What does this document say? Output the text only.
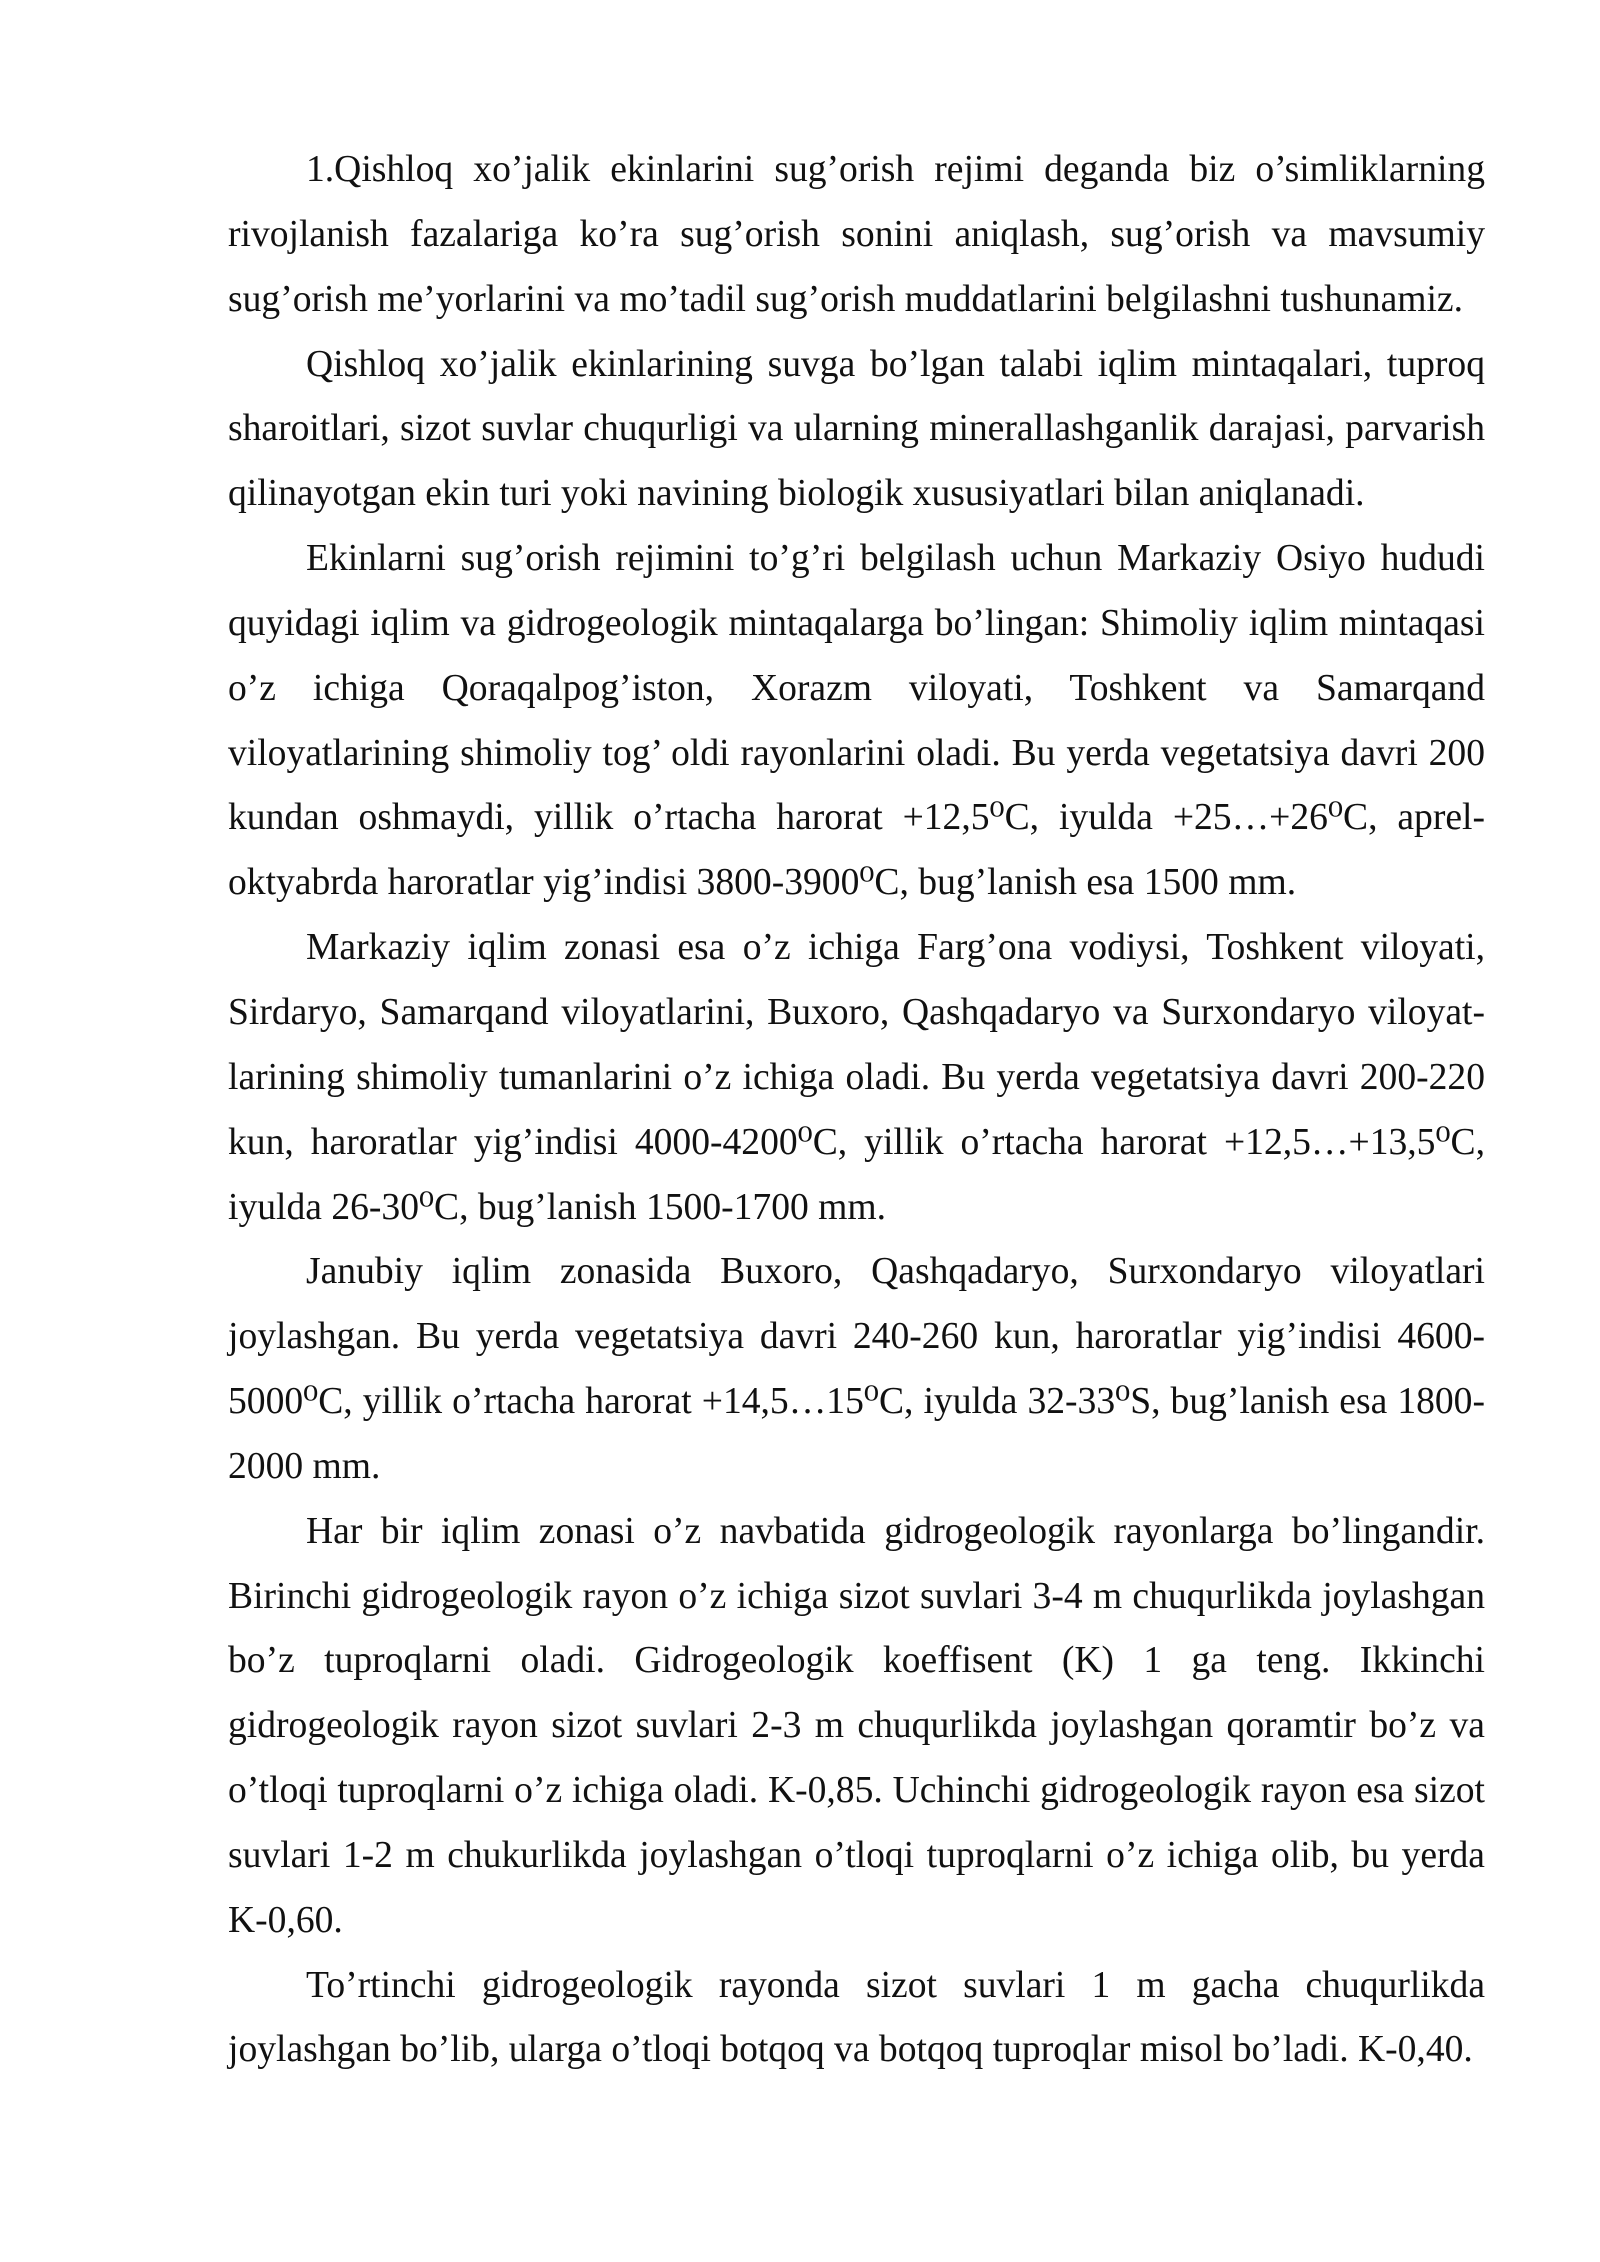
1.Qishloq xo’jalik ekinlarini sug’orish rejimi deganda biz o’simliklarning
rivojlanish fazalariga ko’ra sug’orish sonini aniqlash, sug’orish va mavsumiy
sug’orish me’yorlarini va mo’tadil sug’orish muddatlarini belgilashni tushunamiz.
Qishloq xo’jalik ekinlarining suvga bo’lgan talabi iqlim mintaqalari, tuproq
sharoitlari, sizot suvlar chuqurligi va ularning minerallashganlik darajasi, parvarish
qilinayotgan ekin turi yoki navining biologik xususiyatlari bilan aniqlanadi.
Ekinlarni sug’orish rejimini to’g’ri belgilash uchun Markaziy Osiyo hududi
quyidagi iqlim va gidrogeologik mintaqalarga bo’lingan: Shimoliy iqlim mintaqasi
o’z ichiga Qoraqalpog’iston, Xorazm viloyati, Toshkent va Samarqand
viloyatlarining shimoliy tog’ oldi rayonlarini oladi. Bu yerda vegetatsiya davri 200
kundan oshmaydi, yillik o’rtacha harorat +12,5⁰C, iyulda +25…+26⁰C, aprel-
oktyabrda haroratlar yig’indisi 3800-3900⁰C, bug’lanish esa 1500 mm.
Markaziy iqlim zonasi esa o’z ichiga Farg’ona vodiysi, Toshkent viloyati,
Sirdaryo, Samarqand viloyatlarini, Buxoro, Qashqadaryo va Surxondaryo viloyat-
larining shimoliy tumanlarini o’z ichiga oladi. Bu yerda vegetatsiya davri 200-220
kun, haroratlar yig’indisi 4000-4200⁰C, yillik o’rtacha harorat +12,5…+13,5⁰C,
iyulda 26-30⁰C, bug’lanish 1500-1700 mm.
Janubiy iqlim zonasida Buxoro, Qashqadaryo, Surxondaryo viloyatlari
joylashgan. Bu yerda vegetatsiya davri 240-260 kun, haroratlar yig’indisi 4600-
5000⁰C, yillik o’rtacha harorat +14,5…15⁰C, iyulda 32-33⁰S, bug’lanish esa 1800-
2000 mm.
Har bir iqlim zonasi o’z navbatida gidrogeologik rayonlarga bo’lingandir.
Birinchi gidrogeologik rayon o’z ichiga sizot suvlari 3-4 m chuqurlikda joylashgan
bo’z tuproqlarni oladi. Gidrogeologik koeffisent (K) 1 ga teng. Ikkinchi
gidrogeologik rayon sizot suvlari 2-3 m chuqurlikda joylashgan qoramtir bo’z va
o’tloqi tuproqlarni o’z ichiga oladi. K-0,85. Uchinchi gidrogeologik rayon esa sizot
suvlari 1-2 m chukurlikda joylashgan o’tloqi tuproqlarni o’z ichiga olib, bu yerda
K-0,60.
To’rtinchi gidrogeologik rayonda sizot suvlari 1 m gacha chuqurlikda
joylashgan bo’lib, ularga o’tloqi botqoq va botqoq tuproqlar misol bo’ladi. K-0,40.
